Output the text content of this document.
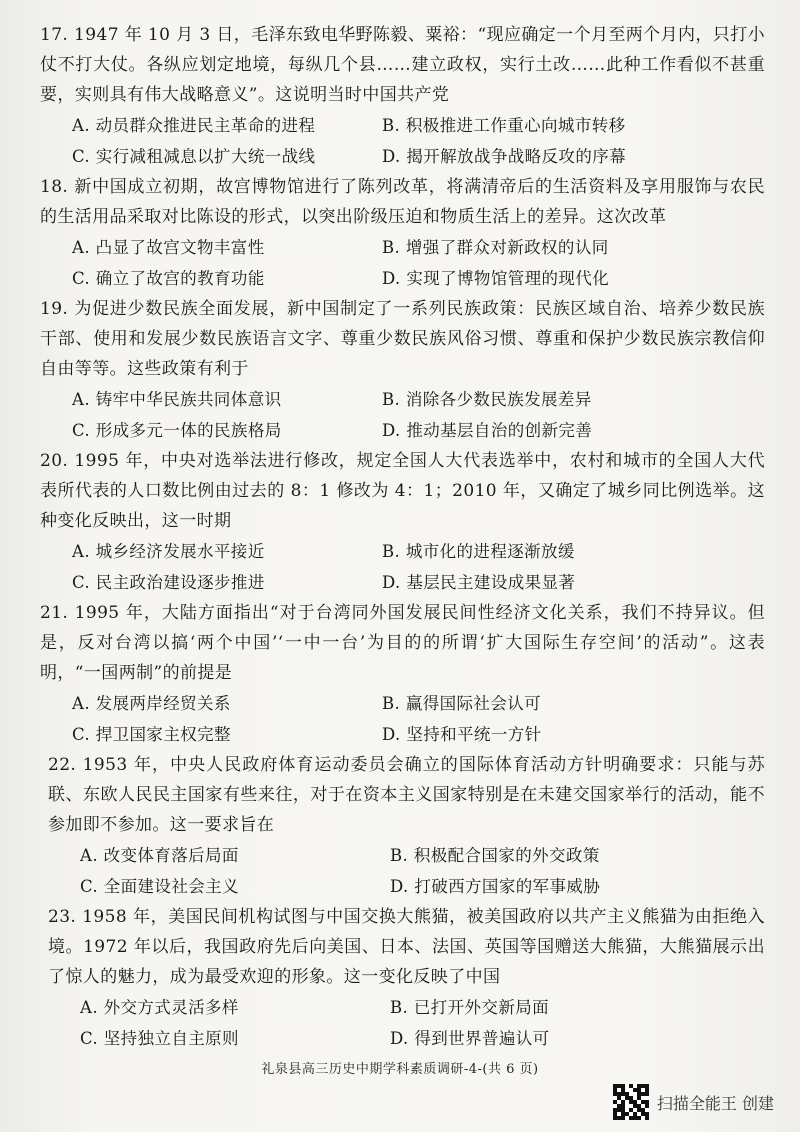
17. 1947 年 10 月 3 日，毛泽东致电华野陈毅、粟裕：“现应确定一个月至两个月内，只打小仗不打大仗。各纵应划定地境，每纵几个县……建立政权，实行土改……此种工作看似不甚重要，实则具有伟大战略意义”。这说明当时中国共产党
A. 动员群众推进民主革命的进程	B. 积极推进工作重心向城市转移
C. 实行减租减息以扩大统一战线	D. 揭开解放战争战略反攻的序幕
18. 新中国成立初期，故宫博物馆进行了陈列改革，将满清帝后的生活资料及享用服饰与农民的生活用品采取对比陈设的形式，以突出阶级压迫和物质生活上的差异。这次改革
A. 凸显了故宫文物丰富性	B. 增强了群众对新政权的认同
C. 确立了故宫的教育功能	D. 实现了博物馆管理的现代化
19. 为促进少数民族全面发展，新中国制定了一系列民族政策：民族区域自治、培养少数民族干部、使用和发展少数民族语言文字、尊重少数民族风俗习惯、尊重和保护少数民族宗教信仰自由等等。这些政策有利于
A. 铸牢中华民族共同体意识	B. 消除各少数民族发展差异
C. 形成多元一体的民族格局	D. 推动基层自治的创新完善
20. 1995 年，中央对选举法进行修改，规定全国人大代表选举中，农村和城市的全国人大代表所代表的人口数比例由过去的 8：1 修改为 4：1；2010 年，又确定了城乡同比例选举。这种变化反映出，这一时期
A. 城乡经济发展水平接近	B. 城市化的进程逐渐放缓
C. 民主政治建设逐步推进	D. 基层民主建设成果显著
21. 1995 年，大陆方面指出“对于台湾同外国发展民间性经济文化关系，我们不持异议。但是，反对台湾以搞‘两个中国’‘一中一台’为目的的所谓‘扩大国际生存空间’的活动”。这表明，“一国两制”的前提是
A. 发展两岸经贸关系	B. 赢得国际社会认可
C. 捍卫国家主权完整	D. 坚持和平统一方针
22. 1953 年，中央人民政府体育运动委员会确立的国际体育活动方针明确要求：只能与苏联、东欧人民民主国家有些来往，对于在资本主义国家特别是在未建交国家举行的活动，能不参加即不参加。这一要求旨在
A. 改变体育落后局面	B. 积极配合国家的外交政策
C. 全面建设社会主义	D. 打破西方国家的军事威胁
23. 1958 年，美国民间机构试图与中国交换大熊猫，被美国政府以共产主义熊猫为由拒绝入境。1972 年以后，我国政府先后向美国、日本、法国、英国等国赠送大熊猫，大熊猫展示出了惊人的魅力，成为最受欢迎的形象。这一变化反映了中国
A. 外交方式灵活多样	B. 已打开外交新局面
C. 坚持独立自主原则	D. 得到世界普遍认可
礼泉县高三历史中期学科素质调研-4-(共 6 页)
扫描全能王 创建
